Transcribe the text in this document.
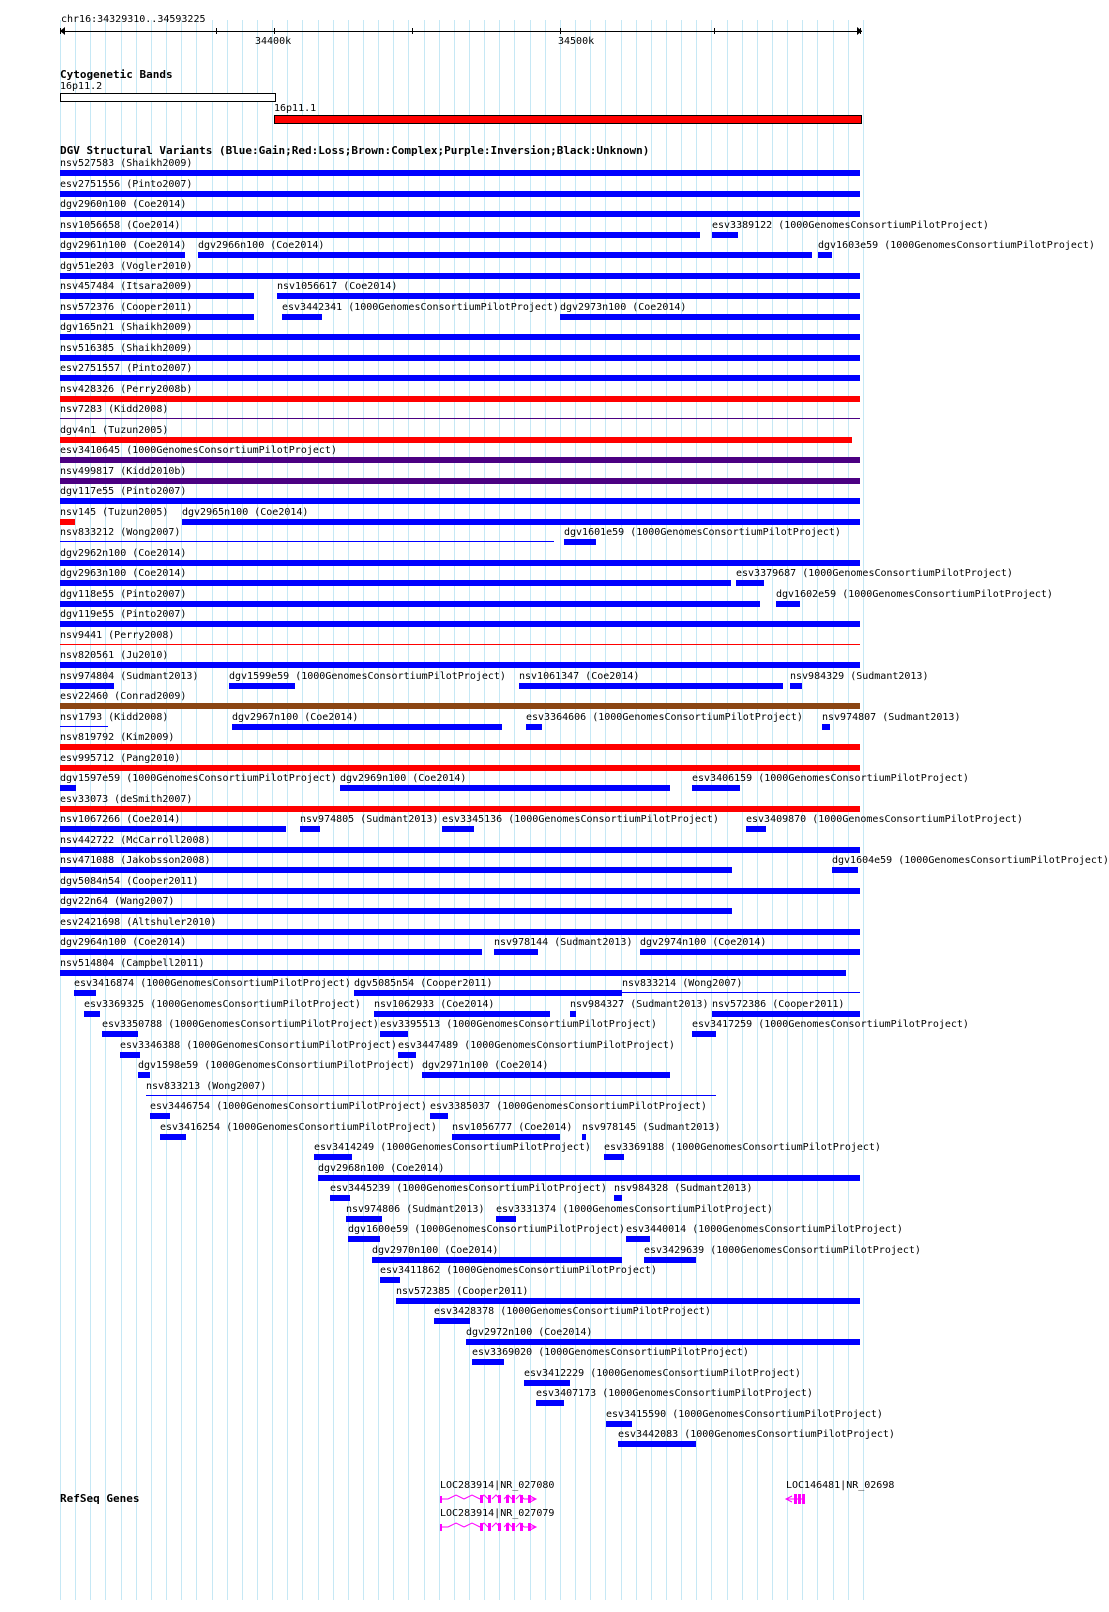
chr16:34329310..34593225
34400k	34500k
Cytogenetic Bands
16p11.2
16p11.1
DGV Structural Variants (Blue:Gain;Red:Loss;Brown:Complex;Purple:Inversion;Black:Unknown)
nsv527583 (Shaikh2009)
esv2751556 (Pinto2007)
dgv2960n100 (Coe2014)
nsv1056658 (Coe2014)	esv3389122 (1000GenomesConsortiumPilotProject)
dgv2961n100 (Coe2014) dgv2966n100 (Coe2014)	dgv1603e59 (1000GenomesConsortiumPilotProject)
dgv51e203 (Vogler2010)
nsv457484 (Itsara2009)	nsv1056617 (Coe2014)
nsv572376 (Cooper2011)	esv3442341 (1000GenomesConsortiumPilotProject) dgv2973n100 (Coe2014)
dgv165n21 (Shaikh2009)
nsv516385 (Shaikh2009)
esv2751557 (Pinto2007)
nsv428326 (Perry2008b)
nsv7283 (Kidd2008)
dgv4n1 (Tuzun2005)
esv3410645 (1000GenomesConsortiumPilotProject)
nsv499817 (Kidd2010b)
dgv117e55 (Pinto2007)
nsv145 (Tuzun2005) dgv2965n100 (Coe2014)
nsv833212 (Wong2007)	dgv1601e59 (1000GenomesConsortiumPilotProject)
dgv2962n100 (Coe2014)
dgv2963n100 (Coe2014)	esv3379687 (1000GenomesConsortiumPilotProject)
dgv118e55 (Pinto2007)	dgv1602e59 (1000GenomesConsortiumPilotProject)
dgv119e55 (Pinto2007)
nsv9441 (Perry2008)
nsv820561 (Ju2010)
nsv974804 (Sudmant2013)	dgv1599e59 (1000GenomesConsortiumPilotProject) nsv1061347 (Coe2014)	nsv984329 (Sudmant2013)
esv22460 (Conrad2009)
nsv1793 (Kidd2008)	dgv2967n100 (Coe2014)	esv3364606 (1000GenomesConsortiumPilotProject) nsv974807 (Sudmant2013)
nsv819792 (Kim2009)
esv995712 (Pang2010)
dgv1597e59 (1000GenomesConsortiumPilotProject) dgv2969n100 (Coe2014)	esv3406159 (1000GenomesConsortiumPilotProject)
esv33073 (deSmith2007)
nsv1067266 (Coe2014)	nsv974805 (Sudmant2013) esv3345136 (1000GenomesConsortiumPilotProject)	esv3409870 (1000GenomesConsortiumPilotProject)
nsv442722 (McCarroll2008)
nsv471088 (Jakobsson2008)	dgv1604e59 (1000GenomesConsortiumPilotProject)
dgv5084n54 (Cooper2011)
dgv22n64 (Wang2007)
esv2421698 (Altshuler2010)
dgv2964n100 (Coe2014)	nsv978144 (Sudmant2013) dgv2974n100 (Coe2014)
nsv514804 (Campbell2011)
esv3416874 (1000GenomesConsortiumPilotProject) dgv5085n54 (Cooper2011)	nsv833214 (Wong2007)
esv3369325 (1000GenomesConsortiumPilotProject) nsv1062933 (Coe2014)	nsv984327 (Sudmant2013) nsv572386 (Cooper2011)
esv3350788 (1000GenomesConsortiumPilotProject) esv3395513 (1000GenomesConsortiumPilotProject)	esv3417259 (1000GenomesConsortiumPilotProject)
esv3346388 (1000GenomesConsortiumPilotProject) esv3447489 (1000GenomesConsortiumPilotProject)
dgv1598e59 (1000GenomesConsortiumPilotProject) dgv2971n100 (Coe2014)
nsv833213 (Wong2007)
esv3446754 (1000GenomesConsortiumPilotProject) esv3385037 (1000GenomesConsortiumPilotProject)
esv3416254 (1000GenomesConsortiumPilotProject) nsv1056777 (Coe2014) nsv978145 (Sudmant2013)
esv3414249 (1000GenomesConsortiumPilotProject) esv3369188 (1000GenomesConsortiumPilotProject)
dgv2968n100 (Coe2014)
esv3445239 (1000GenomesConsortiumPilotProject) nsv984328 (Sudmant2013)
nsv974806 (Sudmant2013) esv3331374 (1000GenomesConsortiumPilotProject)
dgv1600e59 (1000GenomesConsortiumPilotProject) esv3440014 (1000GenomesConsortiumPilotProject)
dgv2970n100 (Coe2014)	esv3429639 (1000GenomesConsortiumPilotProject)
esv3411862 (1000GenomesConsortiumPilotProject)
nsv572385 (Cooper2011)
esv3428378 (1000GenomesConsortiumPilotProject)
dgv2972n100 (Coe2014)
esv3369020 (1000GenomesConsortiumPilotProject)
esv3412229 (1000GenomesConsortiumPilotProject)
esv3407173 (1000GenomesConsortiumPilotProject)
esv3415590 (1000GenomesConsortiumPilotProject)
esv3442083 (1000GenomesConsortiumPilotProject)
RefSeq Genes
LOC283914|NR_027080
LOC283914|NR_027079
LOC146481|NR_02698
